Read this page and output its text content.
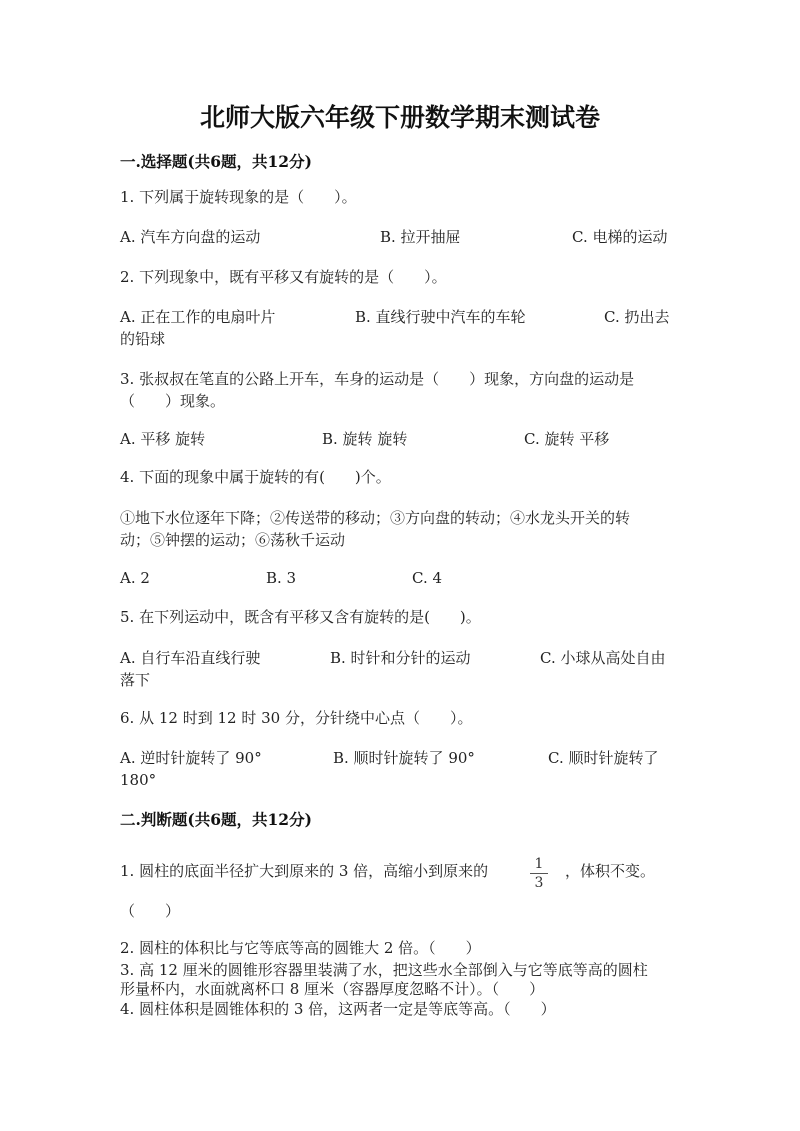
北师大版六年级下册数学期末测试卷
一.选择题(共6题，共12分)
1. 下列属于旋转现象的是（　　）。
A. 汽车方向盘的运动	B. 拉开抽屉	C. 电梯的运动
2. 下列现象中，既有平移又有旋转的是（　　）。
A. 正在工作的电扇叶片	B. 直线行驶中汽车的车轮	C. 扔出去
的铅球
3. 张叔叔在笔直的公路上开车，车身的运动是（　　）现象，方向盘的运动是
（　　）现象。
A. 平移 旋转	B. 旋转 旋转	C. 旋转 平移
4. 下面的现象中属于旋转的有(　　)个。
①地下水位逐年下降；②传送带的移动；③方向盘的转动；④水龙头开关的转
动；⑤钟摆的运动；⑥荡秋千运动
A. 2	B. 3	C. 4
5. 在下列运动中，既含有平移又含有旋转的是(　　)。
A. 自行车沿直线行驶	B. 时针和分针的运动	C. 小球从高处自由
落下
6. 从 12 时到 12 时 30 分，分针绕中心点（　　）。
A. 逆时针旋转了 90°	B. 顺时针旋转了 90°	C. 顺时针旋转了
180°
二.判断题(共6题，共12分)
1. 圆柱的底面半径扩大到原来的 3 倍，高缩小到原来的	1
3
，体积不变。
（　　）
2. 圆柱的体积比与它等底等高的圆锥大 2 倍。（　　）
3. 高 12 厘米的圆锥形容器里装满了水，把这些水全部倒入与它等底等高的圆柱
形量杯内，水面就离杯口 8 厘米（容器厚度忽略不计）。（　　）
4. 圆柱体积是圆锥体积的 3 倍，这两者一定是等底等高。（　　）
